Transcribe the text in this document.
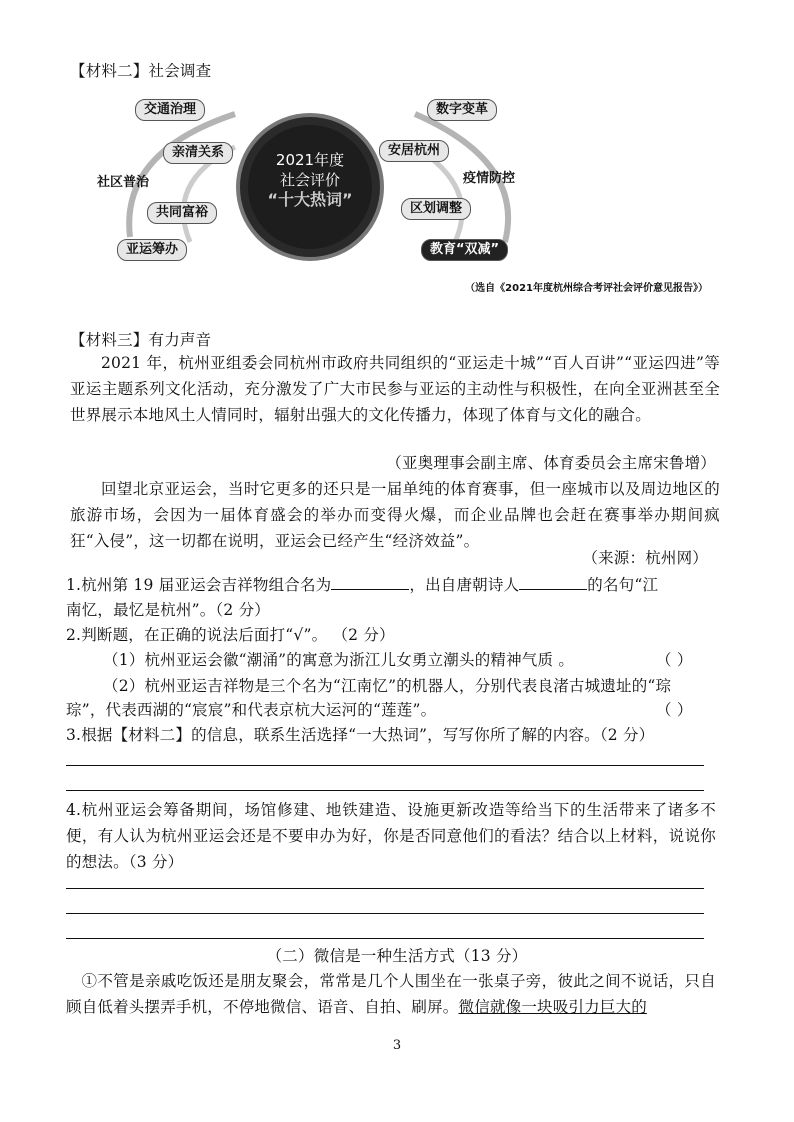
【材料二】社会调查
2021年度
社会评价
“十大热词”
交通治理
亲清关系
社区普治
共同富裕
亚运筹办
数字变革
安居杭州
疫情防控
区划调整
教育“双减”
（选自《2021年度杭州综合考评社会评价意见报告》）
【材料三】有力声音
2021 年，杭州亚组委会同杭州市政府共同组织的“亚运走十城”“百人百讲”“亚运四进”等亚运主题系列文化活动，充分激发了广大市民参与亚运的主动性与积极性，在向全亚洲甚至全世界展示本地风土人情同时，辐射出强大的文化传播力，体现了体育与文化的融合。
（亚奥理事会副主席、体育委员会主席宋鲁增）
回望北京亚运会，当时它更多的还只是一届单纯的体育赛事，但一座城市以及周边地区的旅游市场，会因为一届体育盛会的举办而变得火爆，而企业品牌也会赶在赛事举办期间疯狂“入侵”，这一切都在说明，亚运会已经产生“经济效益”。
（来源：杭州网）
1.杭州第 19 届亚运会吉祥物组合名为	，出自唐朝诗人	的名句“江
南忆，最忆是杭州”。（2 分）
2.判断题，在正确的说法后面打“√”。 （2 分）
（1）杭州亚运会徽“潮涌”的寓意为浙江儿女勇立潮头的精神气质 。	（ ）
（2）杭州亚运吉祥物是三个名为“江南忆”的机器人，分别代表良渚古城遗址的“琮
琮”，代表西湖的“宸宸”和代表京杭大运河的“莲莲”。	（ ）
3.根据【材料二】的信息，联系生活选择“一大热词”，写写你所了解的内容。（2 分）
4.杭州亚运会筹备期间，场馆修建、地铁建造、设施更新改造等给当下的生活带来了诸多不便，有人认为杭州亚运会还是不要申办为好，你是否同意他们的看法？结合以上材料，说说你的想法。（3 分）
（二）微信是一种生活方式（13 分）
①不管是亲戚吃饭还是朋友聚会，常常是几个人围坐在一张桌子旁，彼此之间不说话，只自顾自低着头摆弄手机，不停地微信、语音、自拍、刷屏。微信就像一块吸引力巨大的
3
